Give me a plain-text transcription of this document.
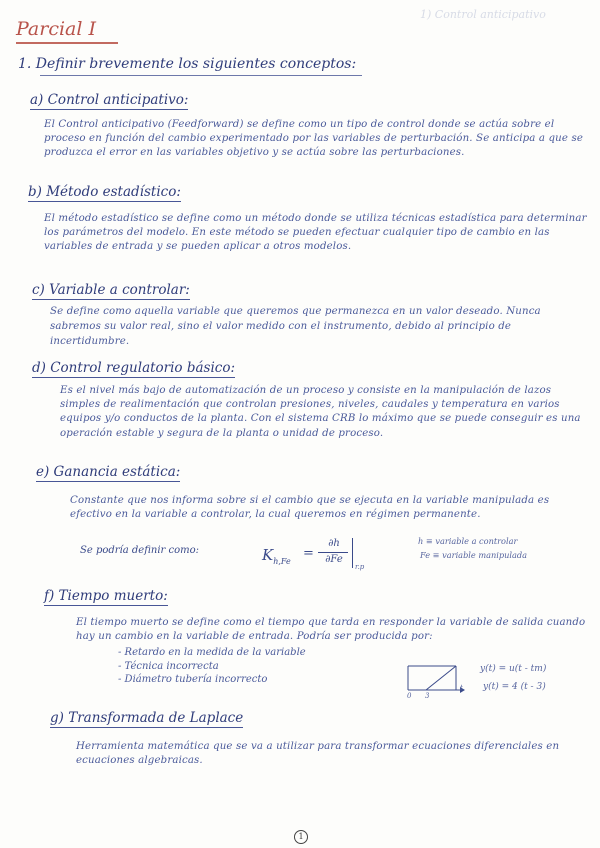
1) Control anticipativo
Parcial I
1. Definir brevemente los siguientes conceptos:
a) Control anticipativo:
El Control anticipativo (Feedforward) se define como un tipo de control donde se actúa sobre el proceso en función del cambio experimentado por las variables de perturbación. Se anticipa a que se produzca el error en las variables objetivo y se actúa sobre las perturbaciones.
b) Método estadístico:
El método estadístico se define como un método donde se utiliza técnicas estadística para determinar los parámetros del modelo. En este método se pueden efectuar cualquier tipo de cambio en las variables de entrada y se pueden aplicar a otros modelos.
c) Variable a controlar:
Se define como aquella variable que queremos que permanezca en un valor deseado. Nunca sabremos su valor real, sino el valor medido con el instrumento, debido al principio de incertidumbre.
d) Control regulatorio básico:
Es el nivel más bajo de automatización de un proceso y consiste en la manipulación de lazos simples de realimentación que controlan presiones, niveles, caudales y temperatura en varios equipos y/o conductos de la planta. Con el sistema CRB lo máximo que se puede conseguir es una operación estable y segura de la planta o unidad de proceso.
e) Ganancia estática:
Constante que nos informa sobre si el cambio que se ejecuta en la variable manipulada es efectivo en la variable a controlar, la cual queremos en régimen permanente.
Se podría definir como:	$K_{h,Fe}$
=
∂h
∂Fe
r.p
h ≡ variable a controlar
Fe ≡ variable manipulada
f) Tiempo muerto:
El tiempo muerto se define como el tiempo que tarda en responder la variable de salida cuando hay un cambio en la variable de entrada. Podría ser producida por:
- Retardo en la medida de la variable
- Técnica incorrecta
- Diámetro tubería incorrecto
0 3
t
y(t) = u(t - tm)
y(t) = 4 (t - 3)
g) Transformada de Laplace
Herramienta matemática que se va a utilizar para transformar ecuaciones diferenciales en ecuaciones algebraicas.
1
